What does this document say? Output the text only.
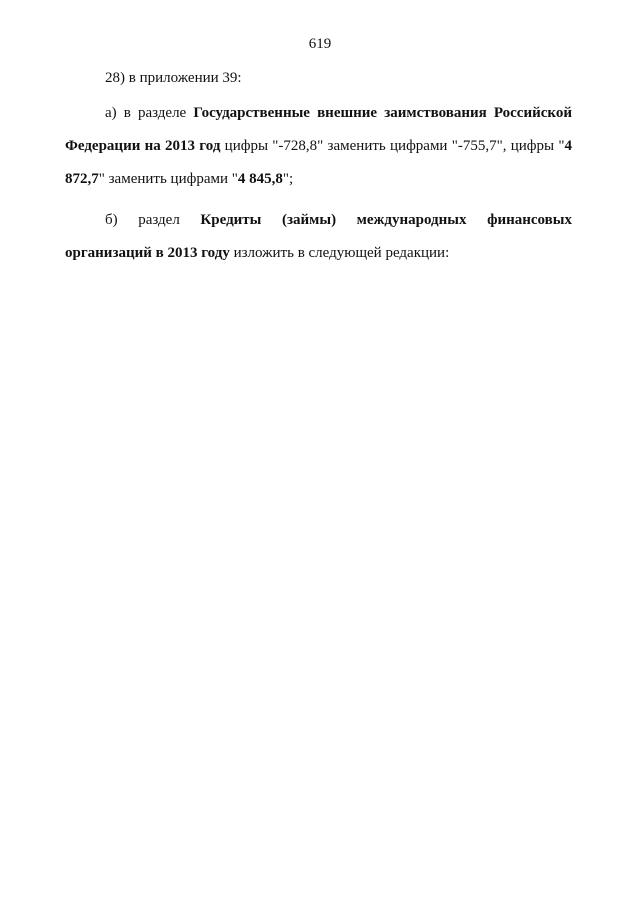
619
28) в приложении 39:
а) в разделе Государственные внешние заимствования Российской Федерации на 2013 год цифры "-728,8" заменить цифрами "-755,7", цифры "4 872,7" заменить цифрами "4 845,8";
б) раздел Кредиты (займы) международных финансовых
организаций в 2013 году изложить в следующей редакции:
